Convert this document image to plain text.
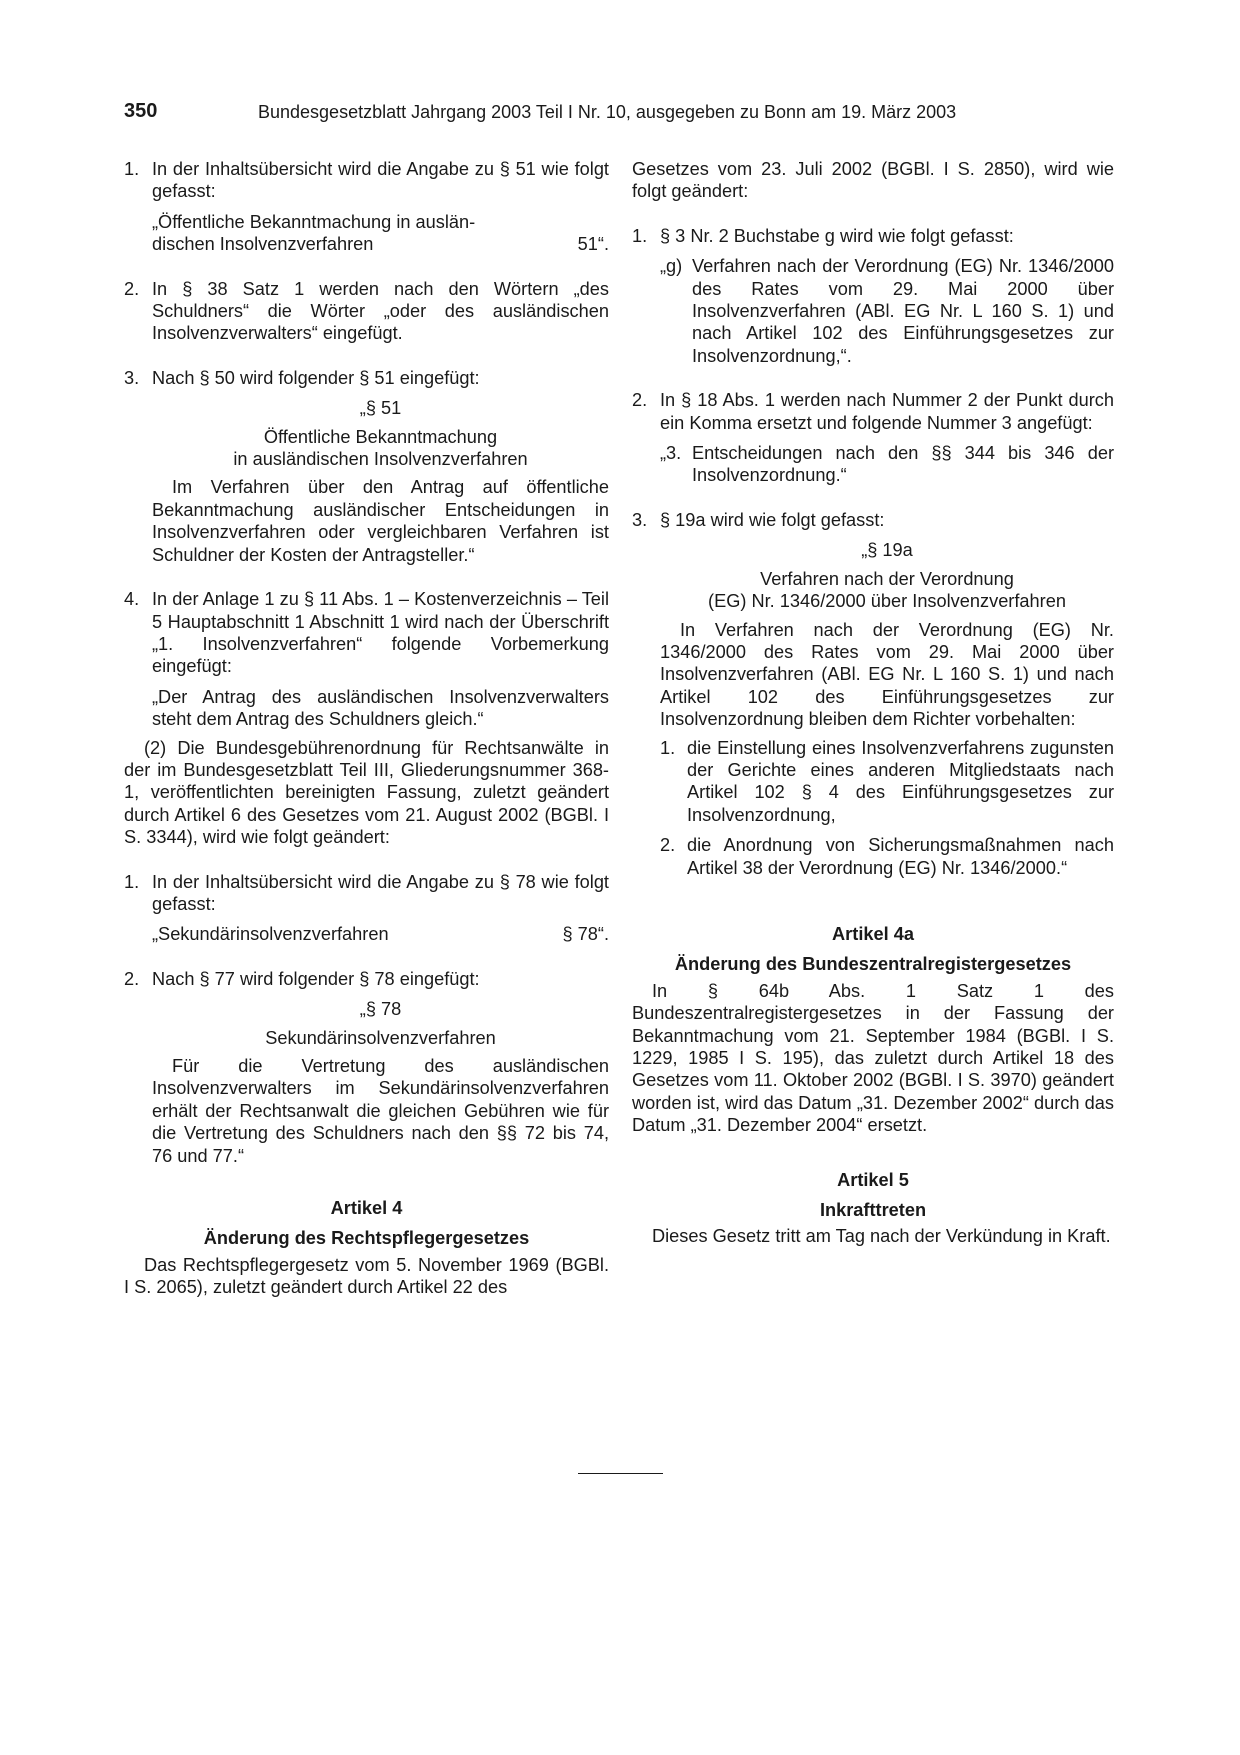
350	Bundesgesetzblatt Jahrgang 2003 Teil I Nr. 10, ausgegeben zu Bonn am 19. März 2003
1. In der Inhaltsübersicht wird die Angabe zu § 51 wie folgt gefasst:

„Öffentliche Bekanntmachung in auslän-

dischen Insolvenzverfahren	51“.
2. In § 38 Satz 1 werden nach den Wörtern „des Schuldners“ die Wörter „oder des ausländischen Insolvenzverwalters“ eingefügt.

3. Nach § 50 wird folgender § 51 eingefügt:

„§ 51

Öffentliche Bekanntmachung

in ausländischen Insolvenzverfahren

Im Verfahren über den Antrag auf öffentliche Bekanntmachung ausländischer Entscheidungen in Insolvenzverfahren oder vergleichbaren Verfahren ist Schuldner der Kosten der Antragsteller.“

4. In der Anlage 1 zu § 11 Abs. 1 – Kostenverzeichnis – Teil 5 Hauptabschnitt 1 Abschnitt 1 wird nach der Überschrift „1. Insolvenzverfahren“ folgende Vorbemerkung eingefügt:

„Der Antrag des ausländischen Insolvenzverwalters steht dem Antrag des Schuldners gleich.“

(2) Die Bundesgebührenordnung für Rechtsanwälte in der im Bundesgesetzblatt Teil III, Gliederungsnummer 368-1, veröffentlichten bereinigten Fassung, zuletzt geändert durch Artikel 6 des Gesetzes vom 21. August 2002 (BGBl. I S. 3344), wird wie folgt geändert:

1. In der Inhaltsübersicht wird die Angabe zu § 78 wie folgt gefasst:

„Sekundärinsolvenzverfahren	§ 78“.
2. Nach § 77 wird folgender § 78 eingefügt:

„§ 78

Sekundärinsolvenzverfahren

Für die Vertretung des ausländischen Insolvenzverwalters im Sekundärinsolvenzverfahren erhält der Rechtsanwalt die gleichen Gebühren wie für die Vertretung des Schuldners nach den §§ 72 bis 74, 76 und 77.“

Artikel 4

Änderung des Rechtspflegergesetzes

Das Rechtspflegergesetz vom 5. November 1969 (BGBl. I S. 2065), zuletzt geändert durch Artikel 22 des

Gesetzes vom 23. Juli 2002 (BGBl. I S. 2850), wird wie folgt geändert:

1. § 3 Nr. 2 Buchstabe g wird wie folgt gefasst:

„g) Verfahren nach der Verordnung (EG) Nr. 1346/2000 des Rates vom 29. Mai 2000 über Insolvenzverfahren (ABl. EG Nr. L 160 S. 1) und nach Artikel 102 des Einführungsgesetzes zur Insolvenzordnung,“.

2. In § 18 Abs. 1 werden nach Nummer 2 der Punkt durch ein Komma ersetzt und folgende Nummer 3 angefügt:

„3. Entscheidungen nach den §§ 344 bis 346 der Insolvenzordnung.“

3. § 19a wird wie folgt gefasst:

„§ 19a

Verfahren nach der Verordnung

(EG) Nr. 1346/2000 über Insolvenzverfahren

In Verfahren nach der Verordnung (EG) Nr. 1346/2000 des Rates vom 29. Mai 2000 über Insolvenzverfahren (ABl. EG Nr. L 160 S. 1) und nach Artikel 102 des Einführungsgesetzes zur Insolvenzordnung bleiben dem Richter vorbehalten:

1. die Einstellung eines Insolvenzverfahrens zugunsten der Gerichte eines anderen Mitgliedstaats nach Artikel 102 § 4 des Einführungsgesetzes zur Insolvenzordnung,

2. die Anordnung von Sicherungsmaßnahmen nach Artikel 38 der Verordnung (EG) Nr. 1346/2000.“

Artikel 4a

Änderung des Bundeszentralregistergesetzes

In § 64b Abs. 1 Satz 1 des Bundeszentralregistergesetzes in der Fassung der Bekanntmachung vom 21. September 1984 (BGBl. I S. 1229, 1985 I S. 195), das zuletzt durch Artikel 18 des Gesetzes vom 11. Oktober 2002 (BGBl. I S. 3970) geändert worden ist, wird das Datum „31. Dezember 2002“ durch das Datum „31. Dezember 2004“ ersetzt.

Artikel 5

Inkrafttreten

Dieses Gesetz tritt am Tag nach der Verkündung in Kraft.
